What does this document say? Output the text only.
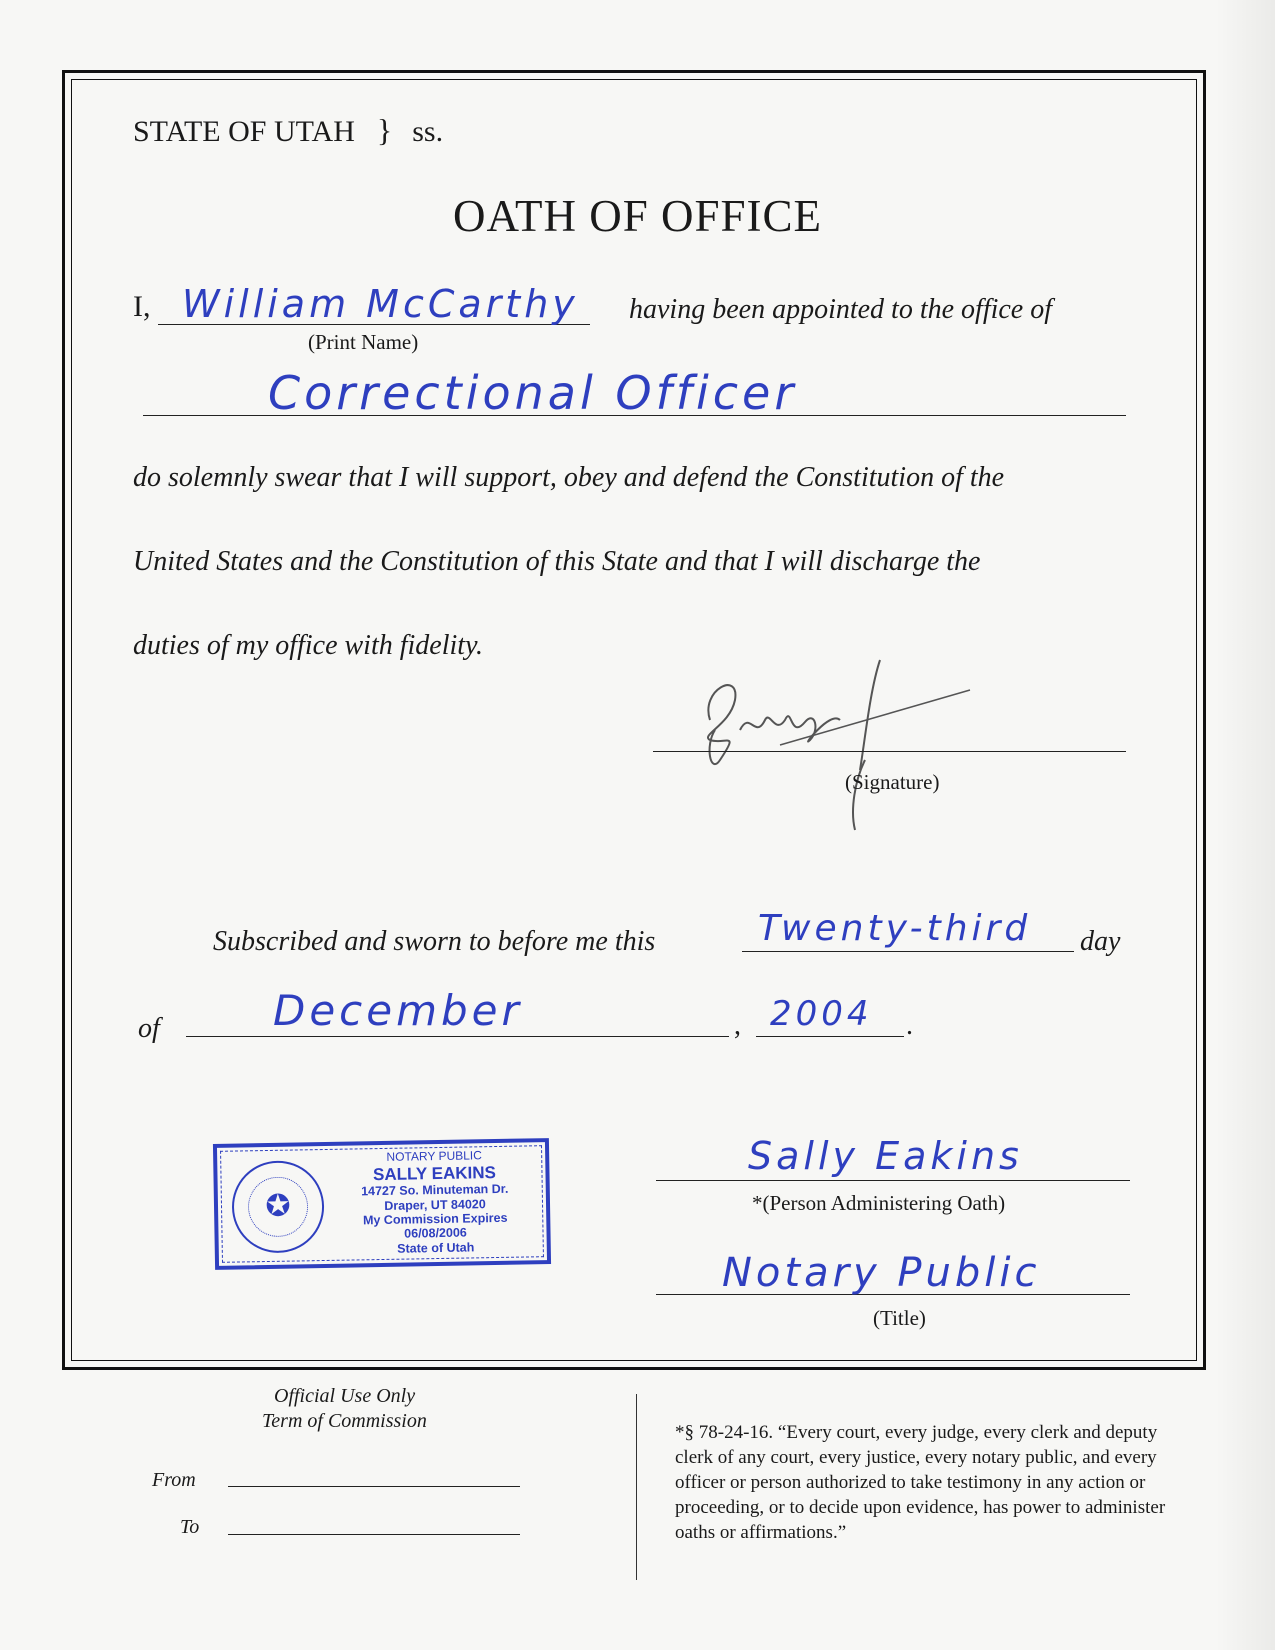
STATE OF UTAH } ss.
OATH OF OFFICE
I, William McCarthy
(Print Name)
having been appointed to the office of
Correctional Officer
do solemnly swear that I will support, obey and defend the Constitution of the
United States and the Constitution of this State and that I will discharge the
duties of my office with fidelity.
(Signature)
Subscribed and sworn to before me this	Twenty-third day
of	December	, 2004 .
✪
NOTARY PUBLIC
SALLY EAKINS
14727 So. Minuteman Dr.
Draper, UT 84020
My Commission Expires 06/08/2006
State of Utah
Sally Eakins
*(Person Administering Oath)
Notary Public
(Title)
Official Use Only
Term of Commission
From
To
*§ 78-24-16. “Every court, every judge, every clerk and deputy clerk of any court, every justice, every notary public, and every officer or person authorized to take testimony in any action or proceeding, or to decide upon evidence, has power to administer oaths or affirmations.”
